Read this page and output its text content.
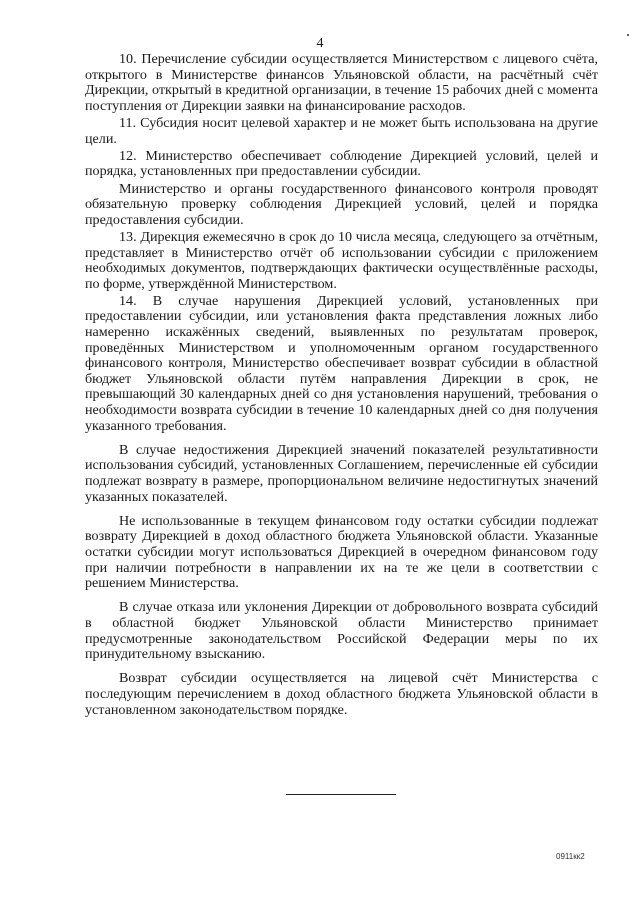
4

10. Перечисление субсидии осуществляется Министерством с лицевого счёта, открытого в Министерстве финансов Ульяновской области, на расчётный счёт Дирекции, открытый в кредитной организации, в течение 15 рабочих дней с момента поступления от Дирекции заявки на финансирование расходов.

11. Субсидия носит целевой характер и не может быть использована на другие цели.

12. Министерство обеспечивает соблюдение Дирекцией условий, целей и порядка, установленных при предоставлении субсидии.

Министерство и органы государственного финансового контроля проводят обязательную проверку соблюдения Дирекцией условий, целей и порядка предоставления субсидии.

13. Дирекция ежемесячно в срок до 10 числа месяца, следующего за отчётным, представляет в Министерство отчёт об использовании субсидии с приложением необходимых документов, подтверждающих фактически осуществлённые расходы, по форме, утверждённой Министерством.

14. В случае нарушения Дирекцией условий, установленных при предоставлении субсидии, или установления факта представления ложных либо намеренно искажённых сведений, выявленных по результатам проверок, проведённых Министерством и уполномоченным органом государственного финансового контроля, Министерство обеспечивает возврат субсидии в областной бюджет Ульяновской области путём направления Дирекции в срок, не превышающий 30 календарных дней со дня установления нарушений, требования о необходимости возврата субсидии в течение 10 календарных дней со дня получения указанного требования.

В случае недостижения Дирекцией значений показателей результативности использования субсидий, установленных Соглашением, перечисленные ей субсидии подлежат возврату в размере, пропорциональном величине недостигнутых значений указанных показателей.

Не использованные в текущем финансовом году остатки субсидии подлежат возврату Дирекцией в доход областного бюджета Ульяновской области. Указанные остатки субсидии могут использоваться Дирекцией в очередном финансовом году при наличии потребности в направлении их на те же цели в соответствии с решением Министерства.

В случае отказа или уклонения Дирекции от добровольного возврата субсидий в областной бюджет Ульяновской области Министерство принимает предусмотренные законодательством Российской Федерации меры по их принудительному взысканию.

Возврат субсидии осуществляется на лицевой счёт Министерства с последующим перечислением в доход областного бюджета Ульяновской области в установленном законодательством порядке.

0911кк2
